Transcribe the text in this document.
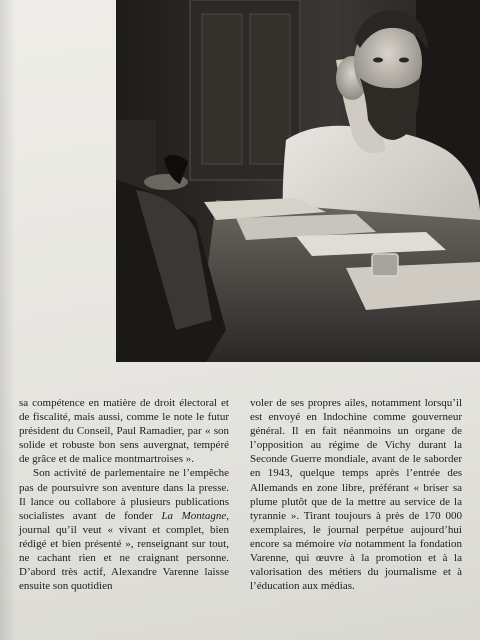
sa compétence en matière de droit électoral et de fiscalité, mais aussi, comme le note le futur président du Conseil, Paul Ramadier, par « son solide et robuste bon sens auvergnat, tempéré de grâce et de malice montmartroises ».

Son activité de parlementaire ne l’empêche pas de poursuivre son aventure dans la presse. Il lance ou collabore à plusieurs publications socialistes avant de fonder La Montagne, journal qu’il veut « vivant et complet, bien rédigé et bien présenté », renseignant sur tout, ne cachant rien et ne craignant personne. D’abord très actif, Alexandre Varenne laisse ensuite son quotidien

voler de ses propres ailes, notamment lorsqu’il est envoyé en Indochine comme gouverneur général. Il en fait néanmoins un organe de l’opposition au régime de Vichy durant la Seconde Guerre mondiale, avant de le saborder en 1943, quelque temps après l’entrée des Allemands en zone libre, préférant « briser sa plume plutôt que de la mettre au service de la tyrannie ». Tirant toujours à près de 170 000 exemplaires, le journal perpétue aujourd’hui encore sa mémoire via notamment la fondation Varenne, qui œuvre à la promotion et à la valorisation des métiers du journalisme et à l’éducation aux médias.
